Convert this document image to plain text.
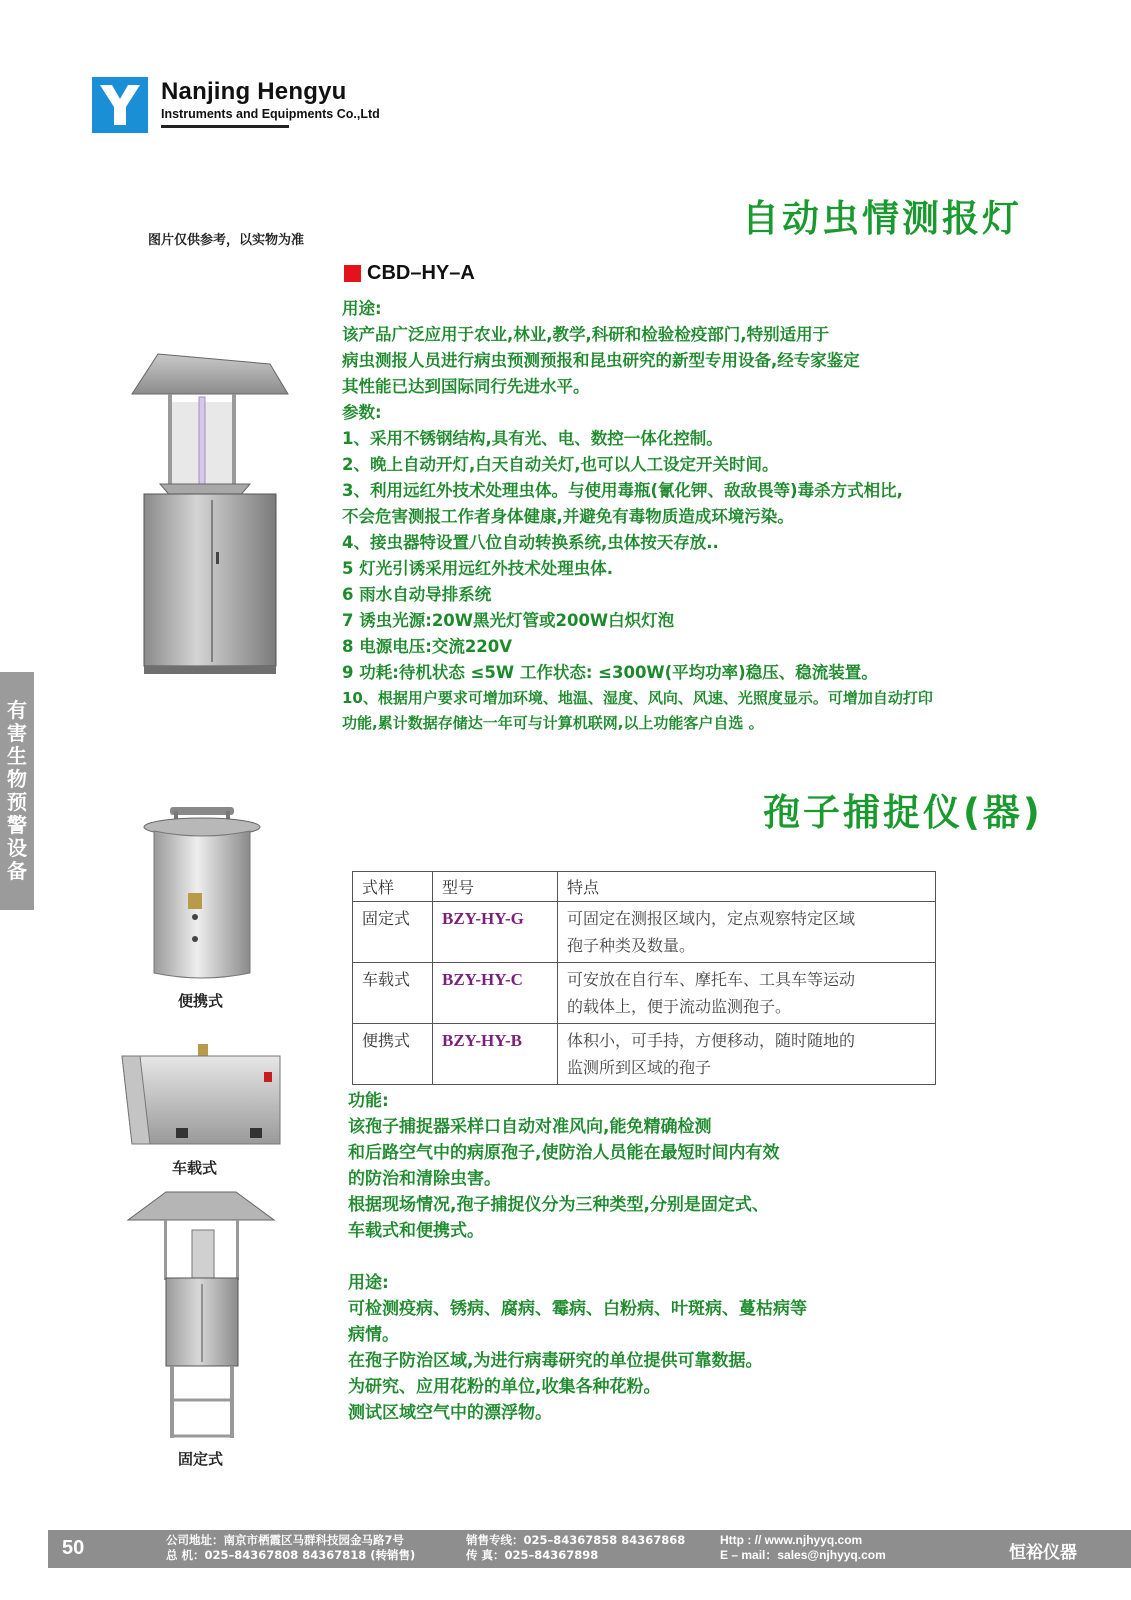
Nanjing Hengyu
Instruments and Equipments Co.,Ltd
图片仅供参考，以实物为准
自动虫情测报灯
CBD–HY–A
用途:
该产品广泛应用于农业,林业,教学,科研和检验检疫部门,特别适用于
病虫测报人员进行病虫预测预报和昆虫研究的新型专用设备,经专家鉴定
其性能已达到国际同行先进水平。
参数:
1、采用不锈钢结构,具有光、电、数控一体化控制。
2、晚上自动开灯,白天自动关灯,也可以人工设定开关时间。
3、利用远红外技术处理虫体。与使用毒瓶(氰化钾、敌敌畏等)毒杀方式相比,
不会危害测报工作者身体健康,并避免有毒物质造成环境污染。
4、接虫器特设置八位自动转换系统,虫体按天存放..
5 灯光引诱采用远红外技术处理虫体.
6 雨水自动导排系统
7 诱虫光源:20W黑光灯管或200W白炽灯泡
8 电源电压:交流220V
9 功耗:待机状态 ≤5W 工作状态: ≤300W(平均功率)稳压、稳流装置。
10、根据用户要求可增加环境、地温、湿度、风向、风速、光照度显示。可增加自动打印
功能,累计数据存储达一年可与计算机联网,以上功能客户自选 。
有
害
生
物
预
警
设
备
孢子捕捉仪(器)
式样	型号	特点
固定式	BZY-HY-G	可固定在测报区域内，定点观察特定区域
孢子种类及数量。

车载式	BZY-HY-C	可安放在自行车、摩托车、工具车等运动
的载体上，便于流动监测孢子。

便携式	BZY-HY-B	体积小，可手持，方便移动，随时随地的
监测所到区域的孢子
功能:
该孢子捕捉器采样口自动对准风向,能免精确检测
和后路空气中的病原孢子,使防治人员能在最短时间内有效
的防治和清除虫害。
根据现场情况,孢子捕捉仪分为三种类型,分别是固定式、
车载式和便携式。
用途:
可检测疫病、锈病、腐病、霉病、白粉病、叶斑病、蔓枯病等
病情。
在孢子防治区域,为进行病毒研究的单位提供可靠数据。
为研究、应用花粉的单位,收集各种花粉。
测试区域空气中的漂浮物。
便携式
车载式
固定式
50	公司地址：南京市栖霞区马群科技园金马路7号
总 机：025–84367808 84367818 (转销售)
销售专线：025–84367858 84367868
传 真：025–84367898
Http : // www.njhyyq.com
E – mail：sales@njhyyq.com	恒裕仪器
